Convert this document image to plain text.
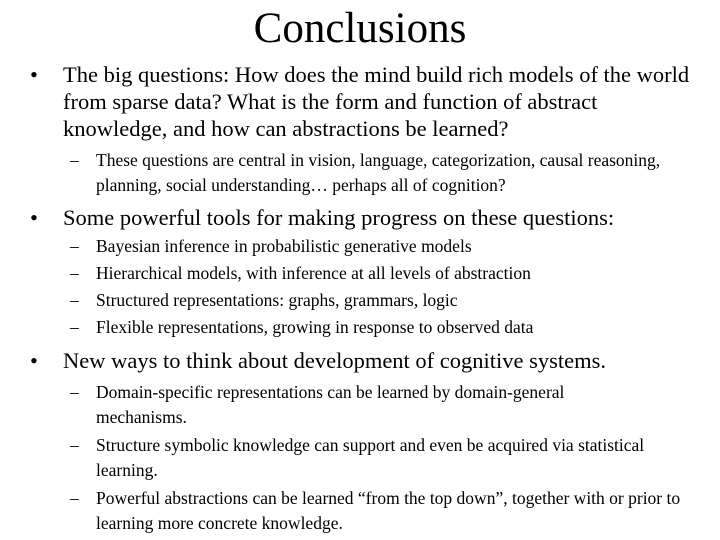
Conclusions
• The big questions: How does the mind build rich models of the world from sparse data? What is the form and function of abstract knowledge, and how can abstractions be learned?
– These questions are central in vision, language, categorization, causal reasoning, planning, social understanding… perhaps all of cognition?
• Some powerful tools for making progress on these questions:
– Bayesian inference in probabilistic generative models
– Hierarchical models, with inference at all levels of abstraction
– Structured representations: graphs, grammars, logic
– Flexible representations, growing in response to observed data
• New ways to think about development of cognitive systems.
– Domain-specific representations can be learned by domain-general mechanisms.
– Structure symbolic knowledge can support and even be acquired via statistical learning.
– Powerful abstractions can be learned “from the top down”, together with or prior to learning more concrete knowledge.
